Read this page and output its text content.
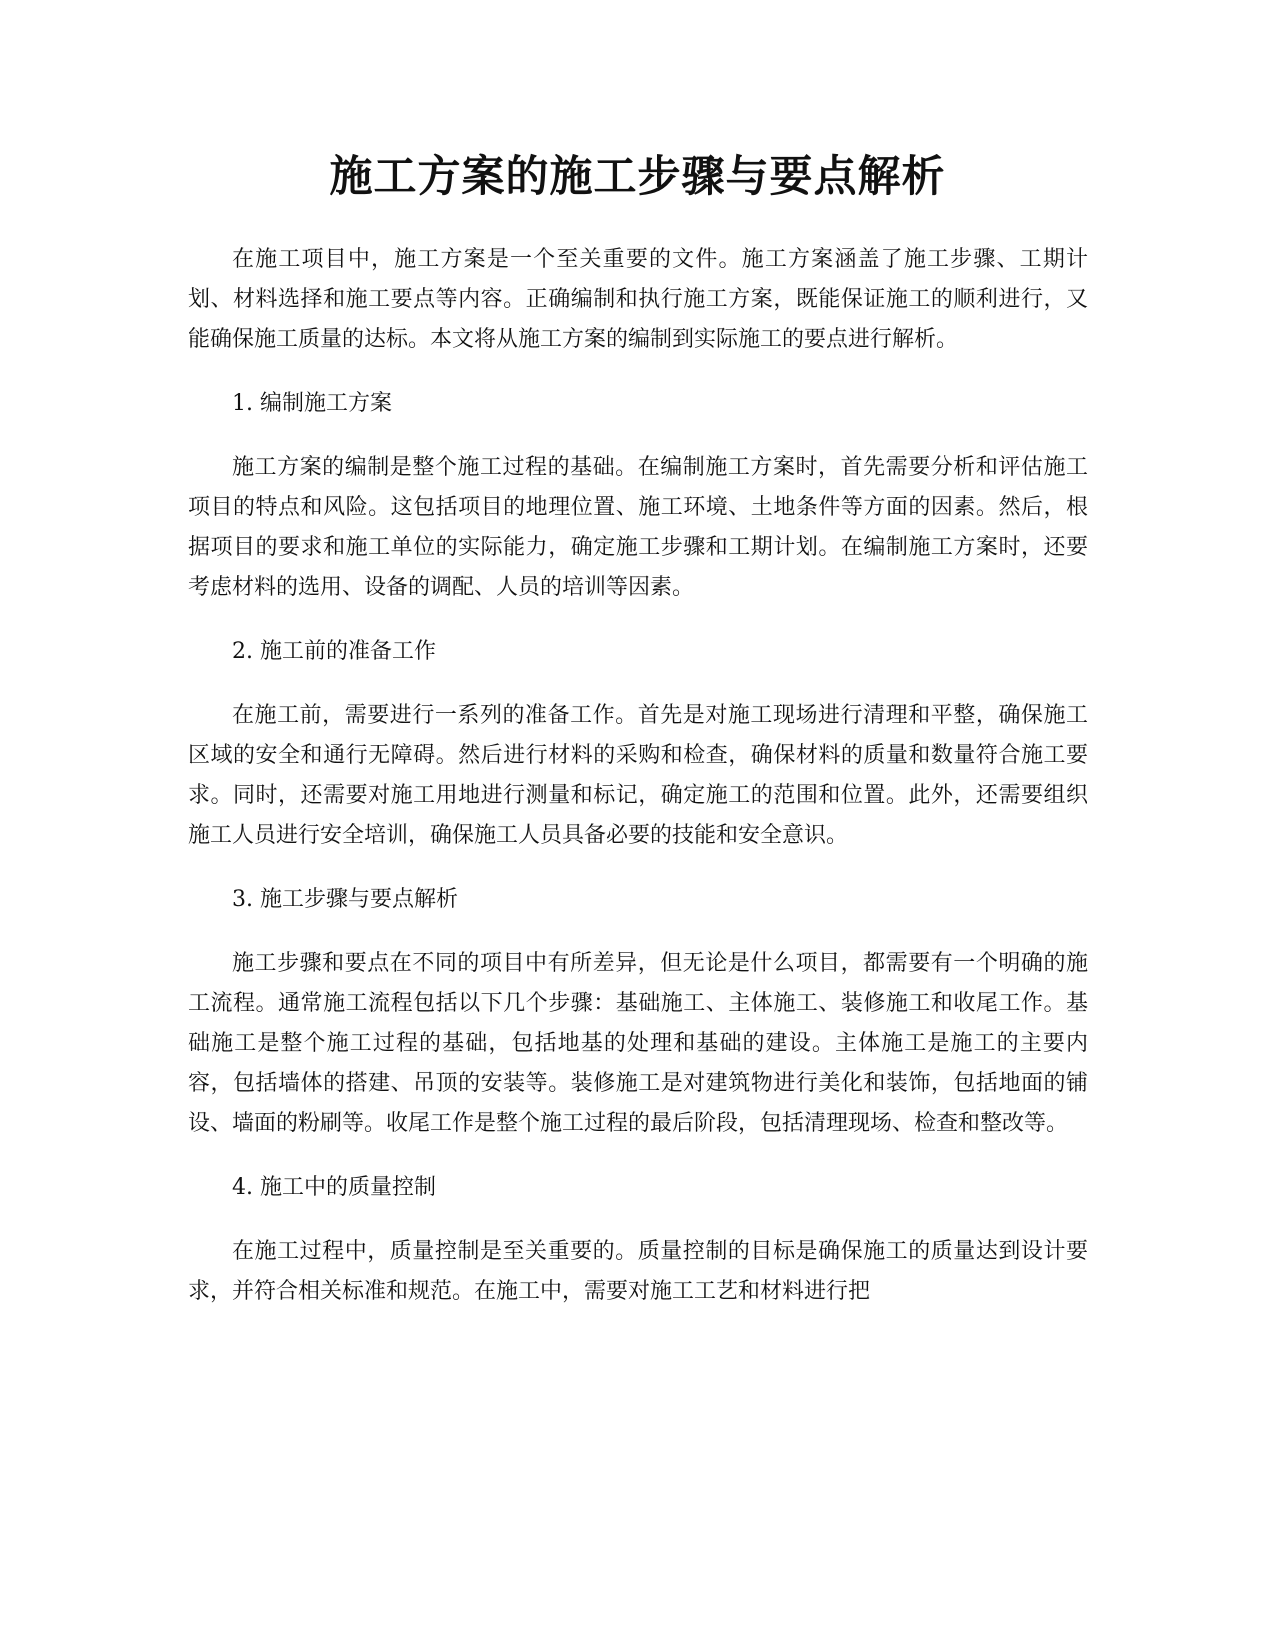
施工方案的施工步骤与要点解析

在施工项目中，施工方案是一个至关重要的文件。施工方案涵盖了施工步骤、工期计划、材料选择和施工要点等内容。正确编制和执行施工方案，既能保证施工的顺利进行，又能确保施工质量的达标。本文将从施工方案的编制到实际施工的要点进行解析。

1. 编制施工方案

施工方案的编制是整个施工过程的基础。在编制施工方案时，首先需要分析和评估施工项目的特点和风险。这包括项目的地理位置、施工环境、土地条件等方面的因素。然后，根据项目的要求和施工单位的实际能力，确定施工步骤和工期计划。在编制施工方案时，还要考虑材料的选用、设备的调配、人员的培训等因素。

2. 施工前的准备工作

在施工前，需要进行一系列的准备工作。首先是对施工现场进行清理和平整，确保施工区域的安全和通行无障碍。然后进行材料的采购和检查，确保材料的质量和数量符合施工要求。同时，还需要对施工用地进行测量和标记，确定施工的范围和位置。此外，还需要组织施工人员进行安全培训，确保施工人员具备必要的技能和安全意识。

3. 施工步骤与要点解析

施工步骤和要点在不同的项目中有所差异，但无论是什么项目，都需要有一个明确的施工流程。通常施工流程包括以下几个步骤：基础施工、主体施工、装修施工和收尾工作。基础施工是整个施工过程的基础，包括地基的处理和基础的建设。主体施工是施工的主要内容，包括墙体的搭建、吊顶的安装等。装修施工是对建筑物进行美化和装饰，包括地面的铺设、墙面的粉刷等。收尾工作是整个施工过程的最后阶段，包括清理现场、检查和整改等。

4. 施工中的质量控制

在施工过程中，质量控制是至关重要的。质量控制的目标是确保施工的质量达到设计要求，并符合相关标准和规范。在施工中，需要对施工工艺和材料进行把
